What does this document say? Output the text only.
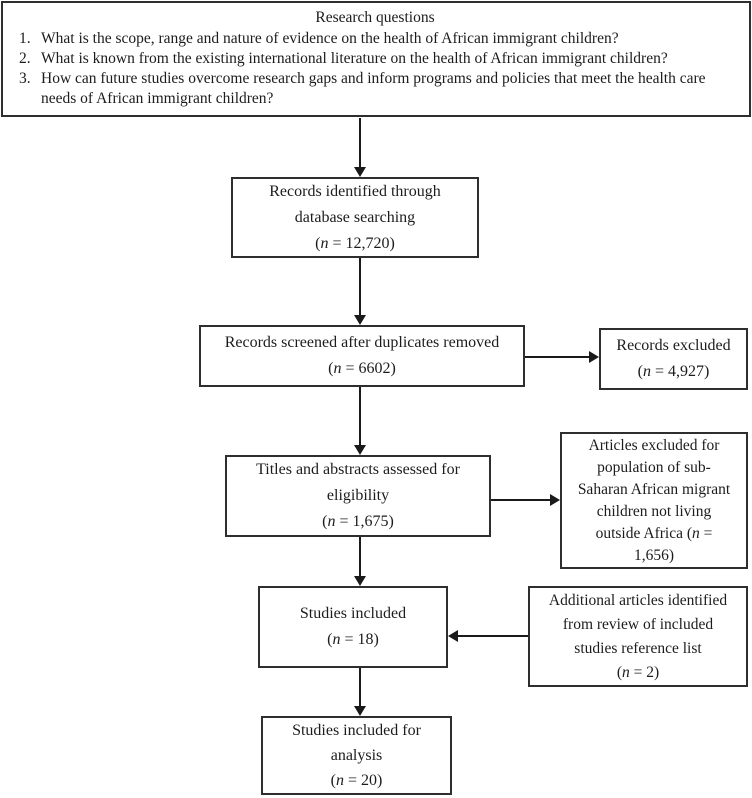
Research questions
1. What is the scope, range and nature of evidence on the health of African immigrant children?
2. What is known from the existing international literature on the health of African immigrant children?
3. How can future studies overcome research gaps and inform programs and policies that meet the health care needs of African immigrant children?
Records identified through
database searching
(n = 12,720)
Records screened after duplicates removed
(n = 6602)
Records excluded
(n = 4,927)
Titles and abstracts assessed for
eligibility
(n = 1,675)
Articles excluded for
population of sub-
Saharan African migrant
children not living
outside Africa (n =
1,656)
Studies included
(n = 18)
Additional articles identified
from review of included
studies reference list
(n = 2)
Studies included for
analysis
(n = 20)
